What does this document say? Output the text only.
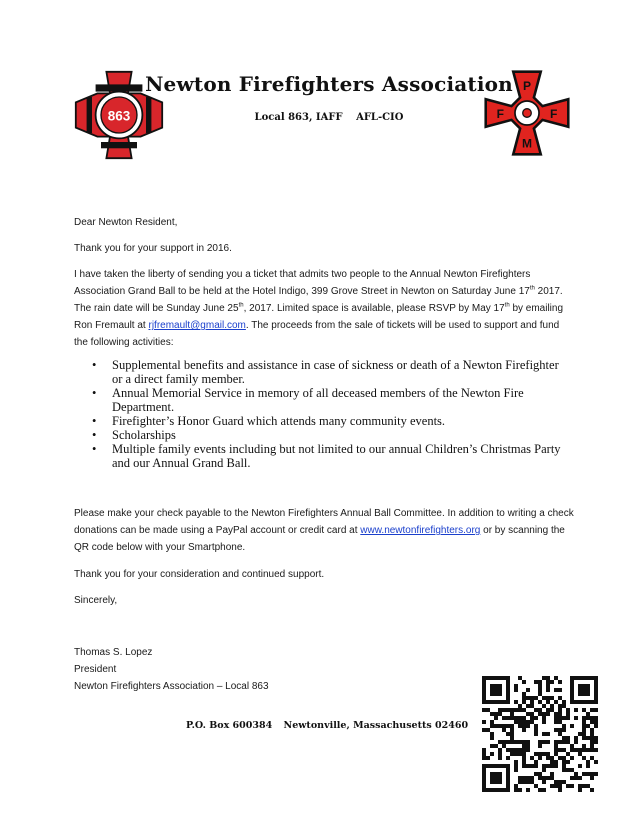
863
P
F	F
M
Newton Firefighters Association
Local 863, IAFF AFL-CIO
Dear Newton Resident,
Thank you for your support in 2016.

I have taken the liberty of sending you a ticket that admits two people to the Annual Newton Firefighters Association Grand Ball to be held at the Hotel Indigo, 399 Grove Street in Newton on Saturday June 17th 2017. The rain date will be Sunday June 25th, 2017. Limited space is available, please RSVP by May 17th by emailing Ron Fremault at rjfremault@gmail.com. The proceeds from the sale of tickets will be used to support and fund the following activities:

• Supplemental benefits and assistance in case of sickness or death of a Newton Firefighter or a direct family member.
• Annual Memorial Service in memory of all deceased members of the Newton Fire Department.
• Firefighter’s Honor Guard which attends many community events.
• Scholarships
• Multiple family events including but not limited to our annual Children’s Christmas Party and our Annual Grand Ball.

Please make your check payable to the Newton Firefighters Annual Ball Committee. In addition to writing a check donations can be made using a PayPal account or credit card at www.newtonfirefighters.org or by scanning the QR code below with your Smartphone.

Thank you for your consideration and continued support.
Sincerely,
Thomas S. Lopez
President
Newton Firefighters Association – Local 863
P.O. Box 600384 Newtonville, Massachusetts 02460
